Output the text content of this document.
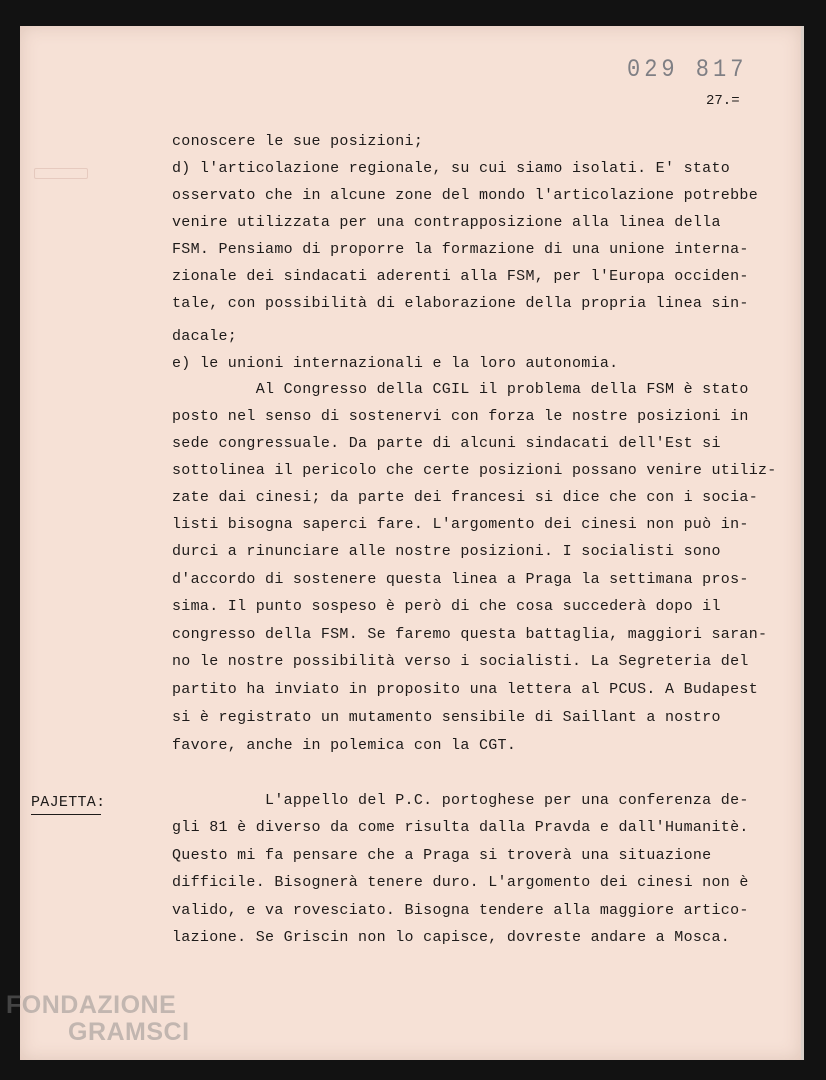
029 817
27.=
conoscere le sue posizioni;
d) l'articolazione regionale, su cui siamo isolati. E' stato
osservato che in alcune zone del mondo l'articolazione potrebbe
venire utilizzata per una contrapposizione alla linea della
FSM. Pensiamo di proporre la formazione di una unione interna-
zionale dei sindacati aderenti alla FSM, per l'Europa occiden-
tale, con possibilità di elaborazione della propria linea sin-
dacale;
e) le unioni internazionali e la loro autonomia.
Al Congresso della CGIL il problema della FSM è stato
posto nel senso di sostenervi con forza le nostre posizioni in
sede congressuale. Da parte di alcuni sindacati dell'Est si
sottolinea il pericolo che certe posizioni possano venire utiliz-
zate dai cinesi; da parte dei francesi si dice che con i socia-
listi bisogna saperci fare. L'argomento dei cinesi non può in-
durci a rinunciare alle nostre posizioni. I socialisti sono
d'accordo di sostenere questa linea a Praga la settimana pros-
sima. Il punto sospeso è però di che cosa succederà dopo il
congresso della FSM. Se faremo questa battaglia, maggiori saran-
no le nostre possibilità verso i socialisti. La Segreteria del
partito ha inviato in proposito una lettera al PCUS. A Budapest
si è registrato un mutamento sensibile di Saillant a nostro
favore, anche in polemica con la CGT.
PAJETTA:	L'appello del P.C. portoghese per una conferenza de-
gli 81 è diverso da come risulta dalla Pravda e dall'Humanitè.
Questo mi fa pensare che a Praga si troverà una situazione
difficile. Bisognerà tenere duro. L'argomento dei cinesi non è
valido, e va rovesciato. Bisogna tendere alla maggiore artico-
lazione. Se Griscin non lo capisce, dovreste andare a Mosca.
FONDAZIONE
GRAMSCI
